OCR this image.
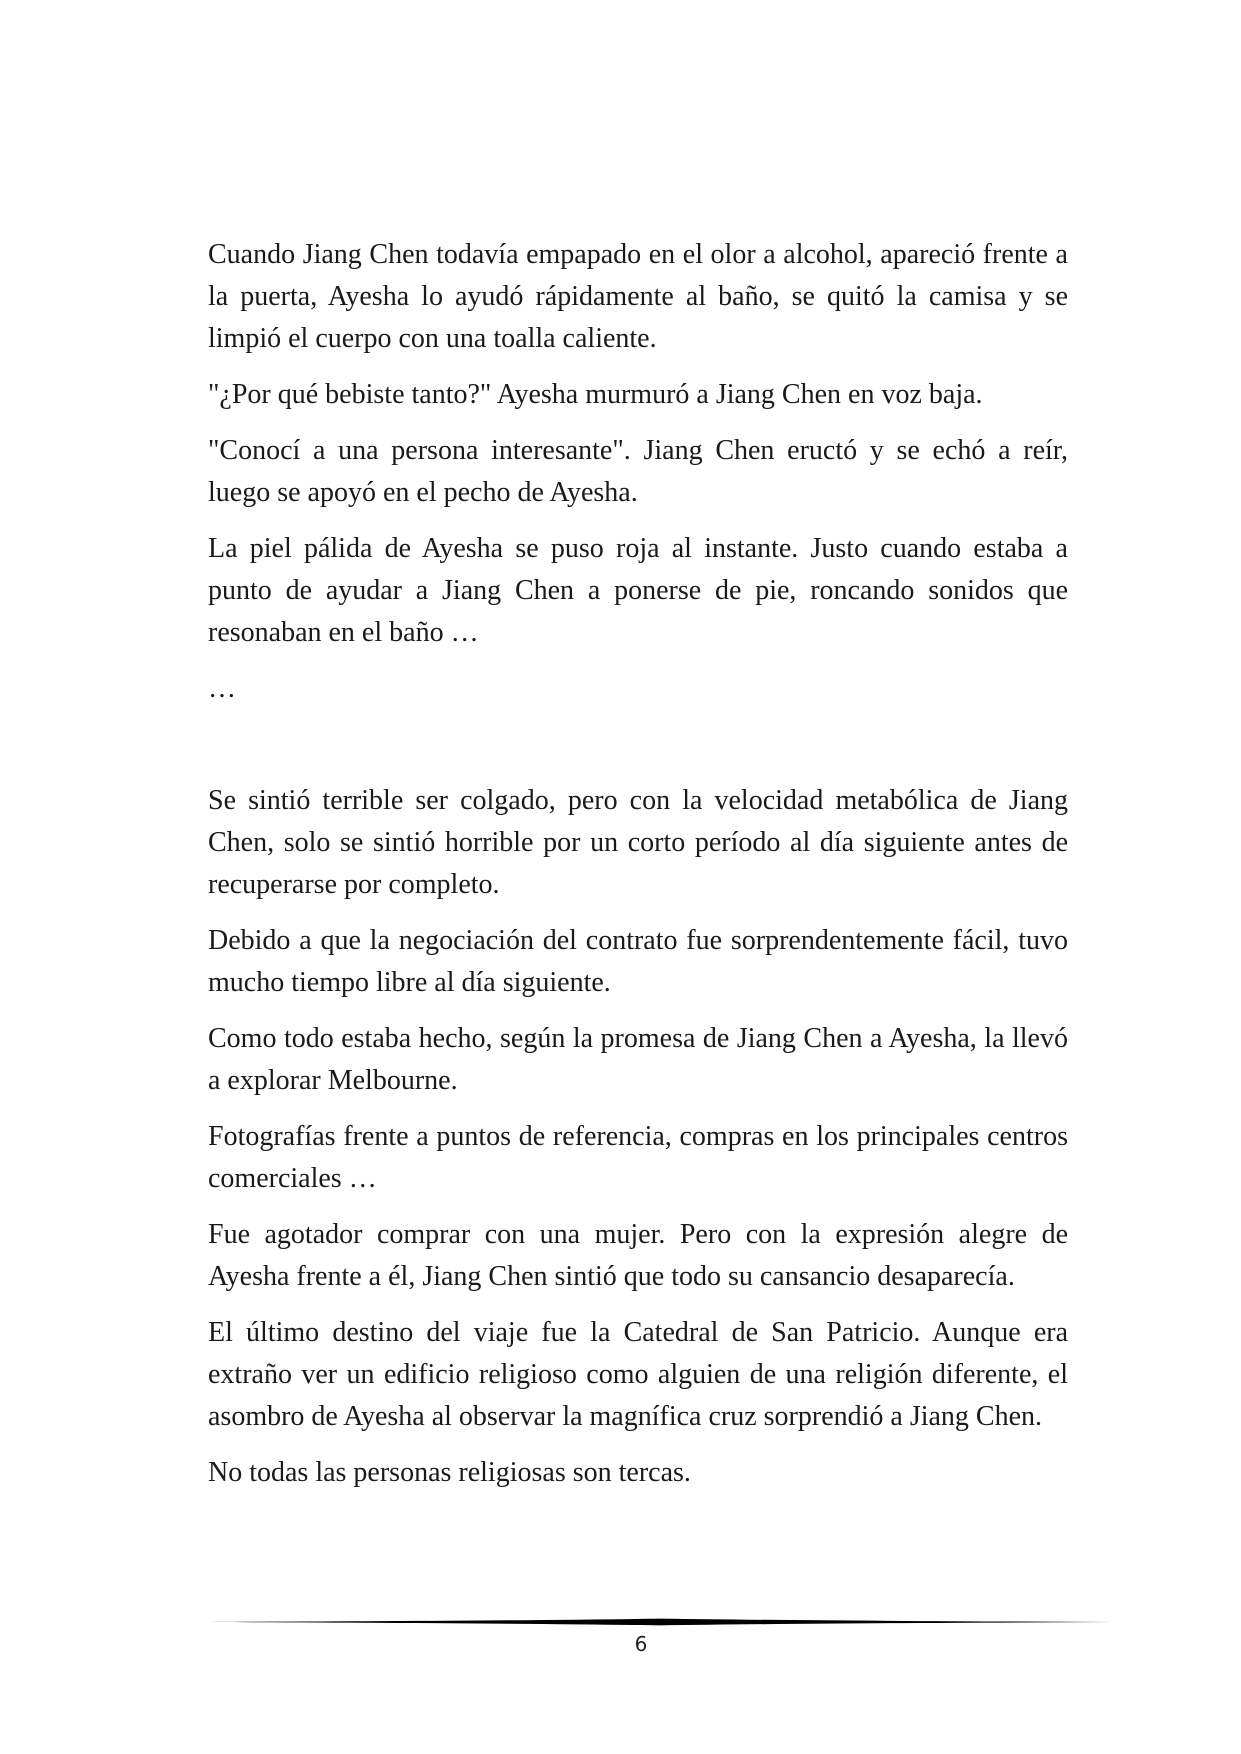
Cuando Jiang Chen todavía empapado en el olor a alcohol, apareció frente a la puerta, Ayesha lo ayudó rápidamente al baño, se quitó la camisa y se limpió el cuerpo con una toalla caliente.

"¿Por qué bebiste tanto?" Ayesha murmuró a Jiang Chen en voz baja.

"Conocí a una persona interesante". Jiang Chen eructó y se echó a reír, luego se apoyó en el pecho de Ayesha.

La piel pálida de Ayesha se puso roja al instante. Justo cuando estaba a punto de ayudar a Jiang Chen a ponerse de pie, roncando sonidos que resonaban en el baño …

…

Se sintió terrible ser colgado, pero con la velocidad metabólica de Jiang Chen, solo se sintió horrible por un corto período al día siguiente antes de recuperarse por completo.

Debido a que la negociación del contrato fue sorprendentemente fácil, tuvo mucho tiempo libre al día siguiente.

Como todo estaba hecho, según la promesa de Jiang Chen a Ayesha, la llevó a explorar Melbourne.

Fotografías frente a puntos de referencia, compras en los principales centros comerciales …

Fue agotador comprar con una mujer. Pero con la expresión alegre de Ayesha frente a él, Jiang Chen sintió que todo su cansancio desaparecía.

El último destino del viaje fue la Catedral de San Patricio. Aunque era extraño ver un edificio religioso como alguien de una religión diferente, el asombro de Ayesha al observar la magnífica cruz sorprendió a Jiang Chen.

No todas las personas religiosas son tercas.

6
